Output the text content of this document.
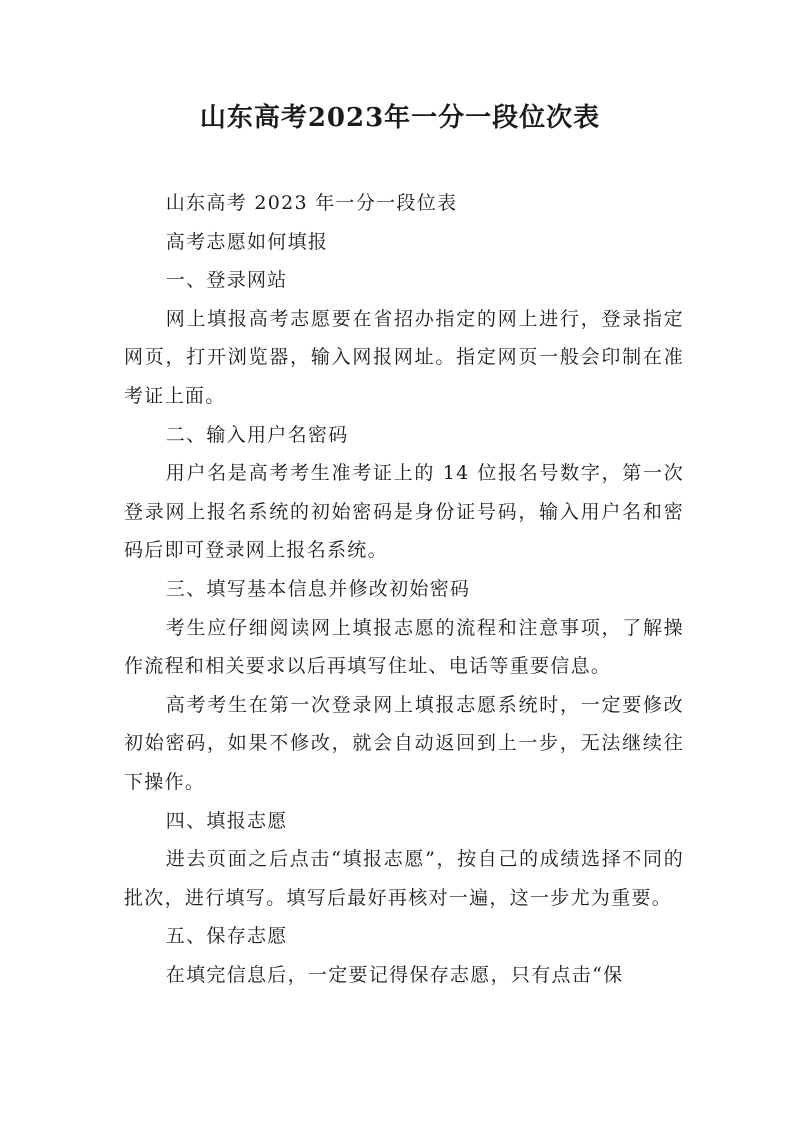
山东高考2023年一分一段位次表

山东高考 2023 年一分一段位表

高考志愿如何填报

一、登录网站

网上填报高考志愿要在省招办指定的网上进行，登录指定网页，打开浏览器，输入网报网址。指定网页一般会印制在准考证上面。

二、输入用户名密码

用户名是高考考生准考证上的 14 位报名号数字，第一次登录网上报名系统的初始密码是身份证号码，输入用户名和密码后即可登录网上报名系统。

三、填写基本信息并修改初始密码

考生应仔细阅读网上填报志愿的流程和注意事项，了解操作流程和相关要求以后再填写住址、电话等重要信息。

高考考生在第一次登录网上填报志愿系统时，一定要修改初始密码，如果不修改，就会自动返回到上一步，无法继续往下操作。

四、填报志愿

进去页面之后点击“填报志愿”，按自己的成绩选择不同的批次，进行填写。填写后最好再核对一遍，这一步尤为重要。

五、保存志愿

在填完信息后，一定要记得保存志愿，只有点击“保
